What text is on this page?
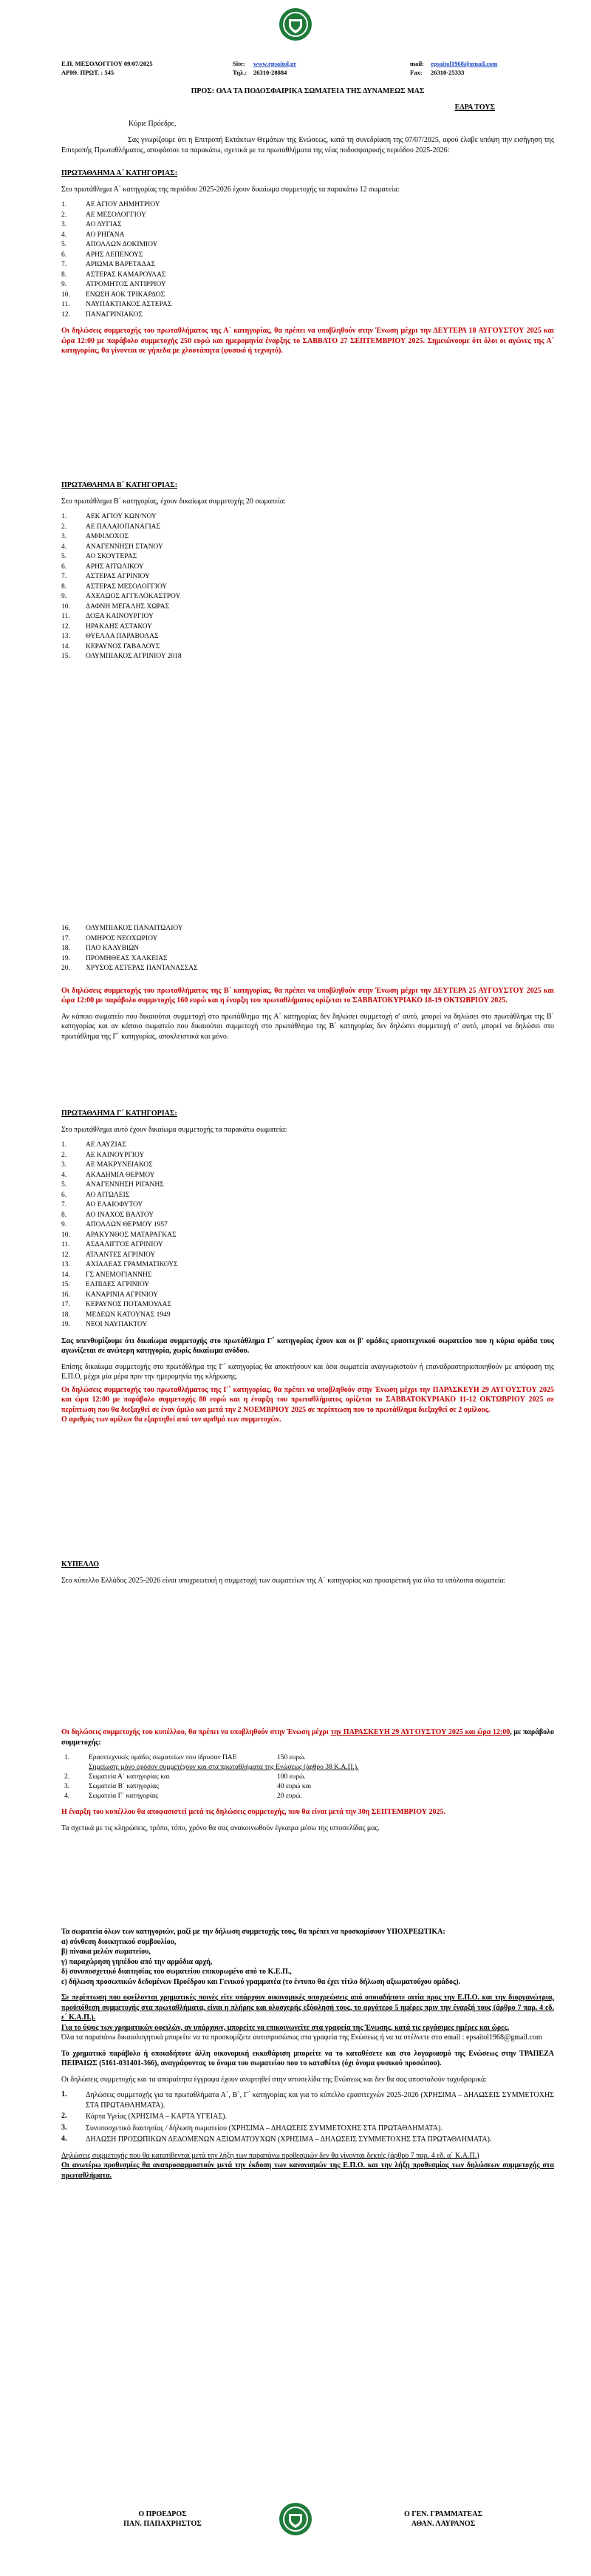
Ε.Π. ΜΕΣΟΛΟΓΓΙΟΥ 09/07/2025	Site:	www.epsaitol.gr	mail:	epsaitol1968@gmail.com
ΑΡΙΘ. ΠΡΩΤ. : 545	Τηλ.:	26310-28884	Fax:	26310-25333
ΠΡΟΣ: ΟΛΑ ΤΑ ΠΟΔΟΣΦΑΙΡΙΚΑ ΣΩΜΑΤΕΙΑ ΤΗΣ ΔΥΝΑΜΕΩΣ ΜΑΣ
ΕΔΡΑ ΤΟΥΣ
Κύριε Πρόεδρε,

Σας γνωρίζουμε ότι η Επιτροπή Εκτάκτων Θεμάτων της Ενώσεως, κατά τη συνεδρίαση της 07/07/2025, αφού έλαβε υπόψη την εισήγηση της Επιτροπής Πρωταθλήματος, αποφάσισε τα παρακάτω, σχετικά με τα πρωταθλήματα της νέας ποδοσφαιρικής περιόδου 2025-2026:

ΠΡΩΤΑΘΛΗΜΑ Α΄ ΚΑΤΗΓΟΡΙΑΣ:

Στο πρωτάθλημα Α΄ κατηγορίας της περιόδου 2025-2026 έχουν δικαίωμα συμμετοχής τα παρακάτω 12 σωματεία:

1.	ΑΕ ΑΓΙΟΥ ΔΗΜΗΤΡΙΟΥ
2.	ΑΕ ΜΕΣΟΛΟΓΓΙΟΥ
3.	ΑΟ ΛΥΓΙΑΣ
4.	ΑΟ ΡΗΓΑΝΑ
5.	ΑΠΟΛΛΩΝ ΔΟΚΙΜΙΟΥ
6.	ΑΡΗΣ ΛΕΠΕΝΟΥΣ
7.	ΑΡΙΩΜΑ ΒΑΡΕΤΑΔΑΣ
8.	ΑΣΤΕΡΑΣ ΚΑΜΑΡΟΥΛΑΣ
9.	ΑΤΡΟΜΗΤΟΣ ΑΝΤΙΡΡΙΟΥ
10.	ΕΝΩΣΗ ΑΟΚ ΤΡΙΚΑΡΔΟΣ
11.	ΝΑΥΠΑΚΤΙΑΚΟΣ ΑΣΤΕΡΑΣ
12.	ΠΑΝΑΓΡΙΝΙΑΚΟΣ

Οι δηλώσεις συμμετοχής του πρωταθλήματος της Α΄ κατηγορίας, θα πρέπει να υποβληθούν στην Ένωση μέχρι την ΔΕΥΤΕΡΑ 18 ΑΥΓΟΥΣΤΟΥ 2025 και ώρα 12:00 με παράβολο συμμετοχής 250 ευρώ και ημερομηνία έναρξης το ΣΑΒΒΑΤΟ 27 ΣΕΠΤΕΜΒΡΙΟΥ 2025. Σημειώνουμε ότι όλοι οι αγώνες της Α΄ κατηγορίας, θα γίνονται σε γήπεδα με χλοοτάπητα (φυσικό ή τεχνητό).

ΠΡΩΤΑΘΛΗΜΑ Β΄ ΚΑΤΗΓΟΡΙΑΣ:

Στο πρωτάθλημα Β΄ κατηγορίας, έχουν δικαίωμα συμμετοχής 20 σωματεία:

1.	ΑΕΚ ΑΓΙΟΥ ΚΩΝ/ΝΟΥ
2.	ΑΕ ΠΑΛΑΙΟΠΑΝΑΓΙΑΣ
3.	ΑΜΦΙΛΟΧΟΣ
4.	ΑΝΑΓΕΝΝΗΣΗ ΣΤΑΝΟΥ
5.	ΑΟ ΣΚΟΥΤΕΡΑΣ
6.	ΑΡΗΣ ΑΙΤΩΛΙΚΟΥ
7.	ΑΣΤΕΡΑΣ ΑΓΡΙΝΙΟΥ
8.	ΑΣΤΕΡΑΣ ΜΕΣΟΛΟΓΓΙΟΥ
9.	ΑΧΕΛΩΟΣ ΑΓΓΕΛΟΚΑΣΤΡΟΥ
10.	ΔΑΦΝΗ ΜΕΓΑΛΗΣ ΧΩΡΑΣ
11.	ΔΟΞΑ ΚΑΙΝΟΥΡΓΙΟΥ
12.	ΗΡΑΚΛΗΣ ΑΣΤΑΚΟΥ
13.	ΘΥΕΛΛΑ ΠΑΡΑΒΟΛΑΣ
14.	ΚΕΡΑΥΝΟΣ ΓΑΒΑΛΟΥΣ
15.	ΟΛΥΜΠΙΑΚΟΣ ΑΓΡΙΝΙΟΥ 2018
16.	ΟΛΥΜΠΙΑΚΟΣ ΠΑΝΑΙΤΩΛΙΟΥ
17.	ΟΜΗΡΟΣ ΝΕΟΧΩΡΙΟΥ
18.	ΠΑΟ ΚΑΛΥΒΙΩΝ
19.	ΠΡΟΜΗΘΕΑΣ ΧΑΛΚΕΙΑΣ
20.	ΧΡΥΣΟΣ ΑΣΤΕΡΑΣ ΠΑΝΤΑΝΑΣΣΑΣ

Οι δηλώσεις συμμετοχής του πρωταθλήματος της Β΄ κατηγορίας, θα πρέπει να υποβληθούν στην Ένωση μέχρι την ΔΕΥΤΕΡΑ 25 ΑΥΓΟΥΣΤΟΥ 2025 και ώρα 12:00 με παράβολο συμμετοχής 160 ευρώ και η έναρξη του πρωταθλήματος ορίζεται το ΣΑΒΒΑΤΟΚΥΡΙΑΚΟ 18-19 ΟΚΤΩΒΡΙΟΥ 2025.

Αν κάποιο σωματείο που δικαιούται συμμετοχή στο πρωτάθλημα της Α΄ κατηγορίας δεν δηλώσει συμμετοχή σ' αυτό, μπορεί να δηλώσει στο πρωτάθλημα της Β΄ κατηγορίας και αν κάποιο σωματείο που δικαιούται συμμετοχή στο πρωτάθλημα της Β΄ κατηγορίας δεν δηλώσει συμμετοχή σ' αυτό, μπορεί να δηλώσει στο πρωτάθλημα της Γ΄ κατηγορίας, αποκλειστικά και μόνο.

ΠΡΩΤΑΘΛΗΜΑ Γ΄ ΚΑΤΗΓΟΡΙΑΣ:

Στο πρωτάθλημα αυτό έχουν δικαίωμα συμμετοχής τα παρακάτω σωματεία:

1.	ΑΕ ΛΑΥΖΙΑΣ
2.	ΑΕ ΚΑΙΝΟΥΡΓΙΟΥ
3.	ΑΕ ΜΑΚΡΥΝΕΙΑΚΟΣ
4.	ΑΚΑΔΗΜΙΑ ΘΕΡΜΟΥ
5.	ΑΝΑΓΕΝΝΗΣΗ ΡΙΓΑΝΗΣ
6.	ΑΟ ΑΙΤΩΛΕΙΣ
7.	ΑΟ ΕΛΑΙΟΦΥΤΟΥ
8.	ΑΟ ΙΝΑΧΟΣ ΒΑΛΤΟΥ
9.	ΑΠΟΛΛΩΝ ΘΕΡΜΟΥ 1957
10.	ΑΡΑΚΥΝΘΟΣ ΜΑΤΑΡΑΓΚΑΣ
11.	ΑΣΔΑΛΙΓΓΟΣ ΑΓΡΙΝΙΟΥ
12.	ΑΤΛΑΝΤΕΣ ΑΓΡΙΝΙΟΥ
13.	ΑΧΙΛΛΕΑΣ ΓΡΑΜΜΑΤΙΚΟΥΣ
14.	ΓΣ ΑΝΕΜΟΓΙΑΝΝΗΣ
15.	ΕΛΠΙΔΕΣ ΑΓΡΙΝΙΟΥ
16.	ΚΑΝΑΡΙΝΙΑ ΑΓΡΙΝΙΟΥ
17.	ΚΕΡΑΥΝΟΣ ΠΟΤΑΜΟΥΛΑΣ
18.	ΜΕΔΕΩΝ ΚΑΤΟΥΝΑΣ 1949
19.	ΝΕΟΙ ΝΑΥΠΑΚΤΟΥ

Σας υπενθυμίζουμε ότι δικαίωμα συμμετοχής στο πρωτάθλημα Γ΄ κατηγορίας έχουν και οι β' ομάδες ερασιτεχνικού σωματείου που η κύρια ομάδα τους αγωνίζεται σε ανώτερη κατηγορία, χωρίς δικαίωμα ανόδου.

Επίσης δικαίωμα συμμετοχής στο πρωτάθλημα της Γ΄ κατηγορίας θα αποκτήσουν και όσα σωματεία αναγνωριστούν ή επαναδραστηριοποιηθούν με απόφαση της Ε.Π.Ο, μέχρι μία μέρα πριν την ημερομηνία της κλήρωσης.

Οι δηλώσεις συμμετοχής του πρωταθλήματος της Γ΄ κατηγορίας, θα πρέπει να υποβληθούν στην Ένωση μέχρι την ΠΑΡΑΣΚΕΥΗ 29 ΑΥΓΟΥΣΤΟΥ 2025 και ώρα 12:00 με παράβολο συμμετοχής 80 ευρώ και η έναρξη του πρωταθλήματος ορίζεται το ΣΑΒΒΑΤΟΚΥΡΙΑΚΟ 11-12 ΟΚΤΩΒΡΙΟΥ 2025 σε περίπτωση που θα διεξαχθεί σε έναν όμιλο και μετά την 2 ΝΟΕΜΒΡΙΟΥ 2025 σε περίπτωση που το πρωτάθλημα διεξαχθεί σε 2 ομίλους.

Ο αριθμός των ομίλων θα εξαρτηθεί από τον αριθμό των συμμετοχών.

ΚΥΠΕΛΛΟ

Στο κύπελλο Ελλάδος 2025-2026 είναι υποχρεωτική η συμμετοχή των σωματείων της Α΄ κατηγορίας και προαιρετική για όλα τα υπόλοιπα σωματεία:

Οι δηλώσεις συμμετοχής του κυπέλλου, θα πρέπει να υποβληθούν στην Ένωση μέχρι την ΠΑΡΑΣΚΕΥΗ 29 ΑΥΓΟΥΣΤΟΥ 2025 και ώρα 12:00, με παράβολο συμμετοχής:

1.	Ερασιτεχνικές ομάδες σωματείων που ίδρυσαν ΠΑΕ	150 ευρώ.
Σημείωση: μόνο εφόσον συμμετέχουν και στα πρωταθλήματα της Ενώσεως (άρθρο 38 Κ.Α.Π.).
2.	Σωματεία Α΄ κατηγορίας και	100 ευρώ.
3.	Σωματεία Β΄ κατηγορίας	40 ευρώ και
4.	Σωματεία Γ΄ κατηγορίας	20 ευρώ.

Η έναρξη του κυπέλλου θα αποφασιστεί μετά τις δηλώσεις συμμετοχής, που θα είναι μετά την 30η ΣΕΠΤΕΜΒΡΙΟΥ 2025.

Τα σχετικά με τις κληρώσεις, τρόπο, τόπο, χρόνο θα σας ανακοινωθούν έγκαιρα μέσω της ιστοσελίδας μας.

Τα σωματεία όλων των κατηγοριών, μαζί με την δήλωση συμμετοχής τους, θα πρέπει να προσκομίσουν ΥΠΟΧΡΕΩΤΙΚΑ:

α) σύνθεση διοικητικού συμβουλίου,

β) πίνακα μελών σωματείου,

γ) παραχώρηση γηπέδου από την αρμόδια αρχή,

δ) συνυποσχετικό διαιτησίας του σωματείου επικυρωμένο από το Κ.Ε.Π.,

ε) δήλωση προσωπικών δεδομένων Προέδρου και Γενικού γραμματέα (το έντυπο θα έχει τίτλο δήλωση αξιωματούχου ομάδος).

Σε περίπτωση που οφείλονται χρηματικές ποινές είτε υπάρχουν οικονομικές υποχρεώσεις από οποιαδήποτε αιτία προς την Ε.Π.Ο. και την διοργανώτρια, προϋπόθεση συμμετοχής στα πρωταθλήματα, είναι η πλήρης και ολοσχερής εξόφλησή τους, το αργότερο 5 ημέρες πριν την έναρξή τους (άρθρο 7 παρ. 4 εδ. ε΄ Κ.Α.Π.).

Για το ύψος των χρηματικών οφειλών, αν υπάρχουν, μπορείτε να επικοινωνείτε στα γραφεία της Ένωσης, κατά τις εργάσιμες ημέρες και ώρες.

Όλα τα παραπάνω δικαιολογητικά μπορείτε να τα προσκομίζετε αυτοπροσώπως στα γραφεία της Ενώσεως ή να τα στέλνετε στο email : epsaitol1968@gmail.com

Το χρηματικό παράβολο ή οποιαδήποτε άλλη οικονομική εκκαθάριση μπορείτε να το καταθέσετε και στο λογαριασμό της Ενώσεως στην ΤΡΑΠΕΖΑ ΠΕΙΡΑΙΩΣ (5161-031401-366), αναγράφοντας το όνομα του σωματείου που το καταθέτει (όχι όνομα φυσικού προσώπου).

Οι δηλώσεις συμμετοχής και τα απαραίτητα έγγραφα έχουν αναρτηθεί στην ιστοσελίδα της Ενώσεως και δεν θα σας αποσταλούν ταχυδρομικά:

1.	Δηλώσεις συμμετοχής για τα πρωταθλήματα Α΄, Β΄, Γ΄ κατηγορίας και για το κύπελλο ερασιτεχνών 2025-2026 (ΧΡΗΣΙΜΑ – ΔΗΛΩΣΕΙΣ ΣΥΜΜΕΤΟΧΗΣ ΣΤΑ ΠΡΩΤΑΘΛΗΜΑΤΑ).

2.	Κάρτα Υγείας (ΧΡΗΣΙΜΑ – ΚΑΡΤΑ ΥΓΕΙΑΣ).

3.	Συνυποσχετικό διαιτησίας / δήλωση σωματείου (ΧΡΗΣΙΜΑ – ΔΗΛΩΣΕΙΣ ΣΥΜΜΕΤΟΧΗΣ ΣΤΑ ΠΡΩΤΑΘΛΗΜΑΤΑ).

4.	ΔΗΛΩΣΗ ΠΡΟΣΩΠΙΚΩΝ ΔΕΔΟΜΕΝΩΝ ΑΞΙΩΜΑΤΟΥΧΩΝ (ΧΡΗΣΙΜΑ – ΔΗΛΩΣΕΙΣ ΣΥΜΜΕΤΟΧΗΣ ΣΤΑ ΠΡΩΤΑΘΛΗΜΑΤΑ).

Δηλώσεις συμμετοχής που θα κατατίθενται μετά την λήξη των παραπάνω προθεσμιών δεν θα γίνονται δεκτές (άρθρο 7 παρ. 4 εδ. α΄ Κ.Α.Π.)

Οι ανωτέρω προθεσμίες θα αναπροσαρμοστούν μετά την έκδοση των κανονισμών της Ε.Π.Ο. και την λήξη προθεσμίας των δηλώσεων συμμετοχής στα πρωταθλήματα.

Ο ΠΡΟΕΔΡΟΣ
ΠΑΝ. ΠΑΠΑΧΡΗΣΤΟΣ
Ο ΓΕΝ. ΓΡΑΜΜΑΤΕΑΣ
ΑΘΑΝ. ΛΑΥΡΑΝΟΣ
